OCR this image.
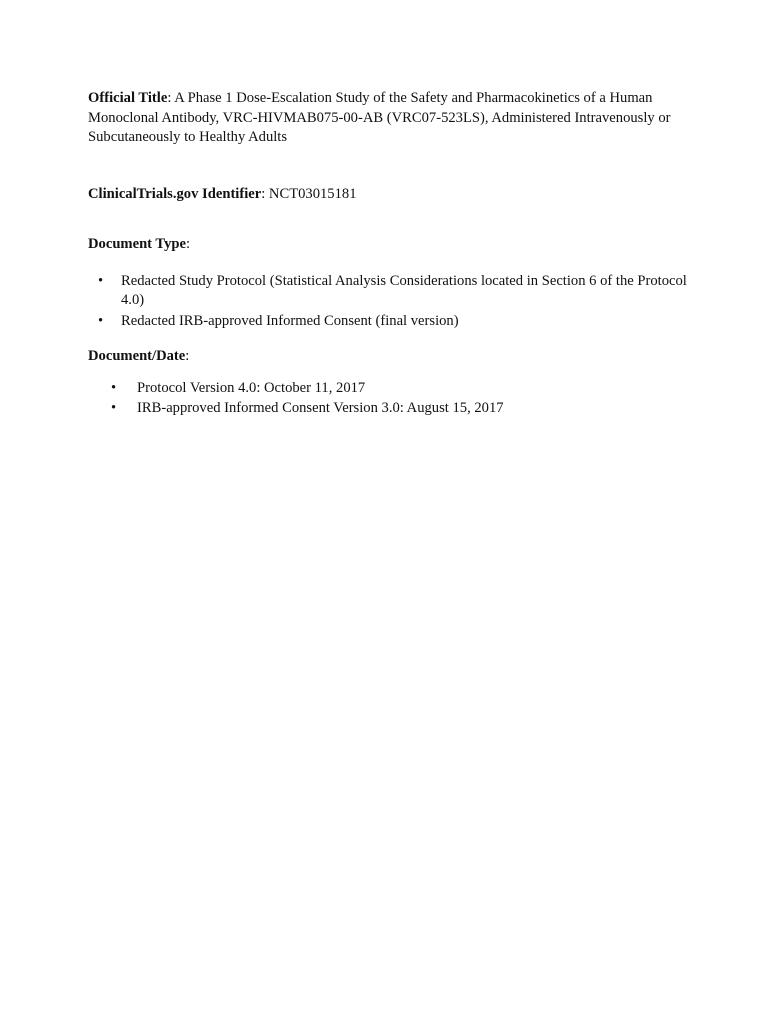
Official Title: A Phase 1 Dose-Escalation Study of the Safety and Pharmacokinetics of a Human Monoclonal Antibody, VRC-HIVMAB075-00-AB (VRC07-523LS), Administered Intravenously or Subcutaneously to Healthy Adults

ClinicalTrials.gov Identifier: NCT03015181

Document Type:

• Redacted Study Protocol (Statistical Analysis Considerations located in Section 6 of the Protocol 4.0)
• Redacted IRB-approved Informed Consent (final version)

Document/Date:

• Protocol Version 4.0: October 11, 2017
• IRB-approved Informed Consent Version 3.0: August 15, 2017
